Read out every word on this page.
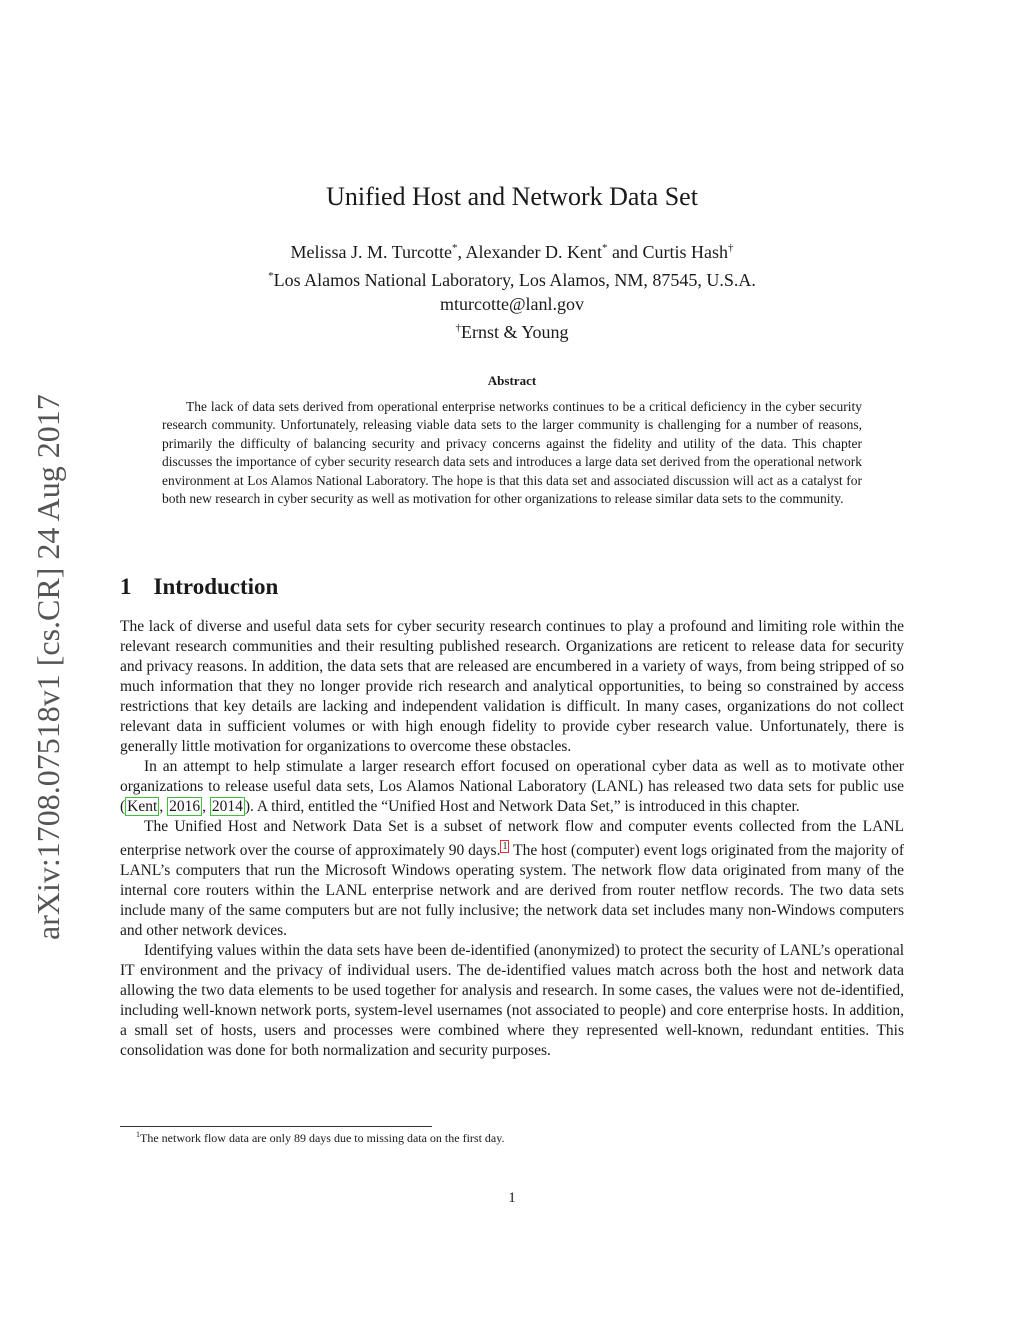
arXiv:1708.07518v1 [cs.CR] 24 Aug 2017
Unified Host and Network Data Set
Melissa J. M. Turcotte*, Alexander D. Kent* and Curtis Hash†
*Los Alamos National Laboratory, Los Alamos, NM, 87545, U.S.A.
mturcotte@lanl.gov
†Ernst & Young
Abstract

The lack of data sets derived from operational enterprise networks continues to be a critical deficiency in the cyber security research community. Unfortunately, releasing viable data sets to the larger community is challenging for a number of reasons, primarily the difficulty of balancing security and privacy concerns against the fidelity and utility of the data. This chapter discusses the importance of cyber security research data sets and introduces a large data set derived from the operational network environment at Los Alamos National Laboratory. The hope is that this data set and associated discussion will act as a catalyst for both new research in cyber security as well as motivation for other organizations to release similar data sets to the community.

1 Introduction

The lack of diverse and useful data sets for cyber security research continues to play a profound and limiting role within the relevant research communities and their resulting published research. Organizations are reticent to release data for security and privacy reasons. In addition, the data sets that are released are encumbered in a variety of ways, from being stripped of so much information that they no longer provide rich research and analytical opportunities, to being so constrained by access restrictions that key details are lacking and independent validation is difficult. In many cases, organizations do not collect relevant data in sufficient volumes or with high enough fidelity to provide cyber research value. Unfortunately, there is generally little motivation for organizations to overcome these obstacles.

In an attempt to help stimulate a larger research effort focused on operational cyber data as well as to motivate other organizations to release useful data sets, Los Alamos National Laboratory (LANL) has released two data sets for public use ( Kent , 2016 , 2014 ). A third, entitled the “Unified Host and Network Data Set,” is introduced in this chapter.

The Unified Host and Network Data Set is a subset of network flow and computer events collected from the LANL enterprise network over the course of approximately 90 days. $^1$ The host (computer) event logs originated from the majority of LANL’s computers that run the Microsoft Windows operating system. The network flow data originated from many of the internal core routers within the LANL enterprise network and are derived from router netflow records. The two data sets include many of the same computers but are not fully inclusive; the network data set includes many non-Windows computers and other network devices.

Identifying values within the data sets have been de-identified (anonymized) to protect the security of LANL’s operational IT environment and the privacy of individual users. The de-identified values match across both the host and network data allowing the two data elements to be used together for analysis and research. In some cases, the values were not de-identified, including well-known network ports, system-level usernames (not associated to people) and core enterprise hosts. In addition, a small set of hosts, users and processes were combined where they represented well-known, redundant entities. This consolidation was done for both normalization and security purposes.

$^1$The network flow data are only 89 days due to missing data on the first day.
1
